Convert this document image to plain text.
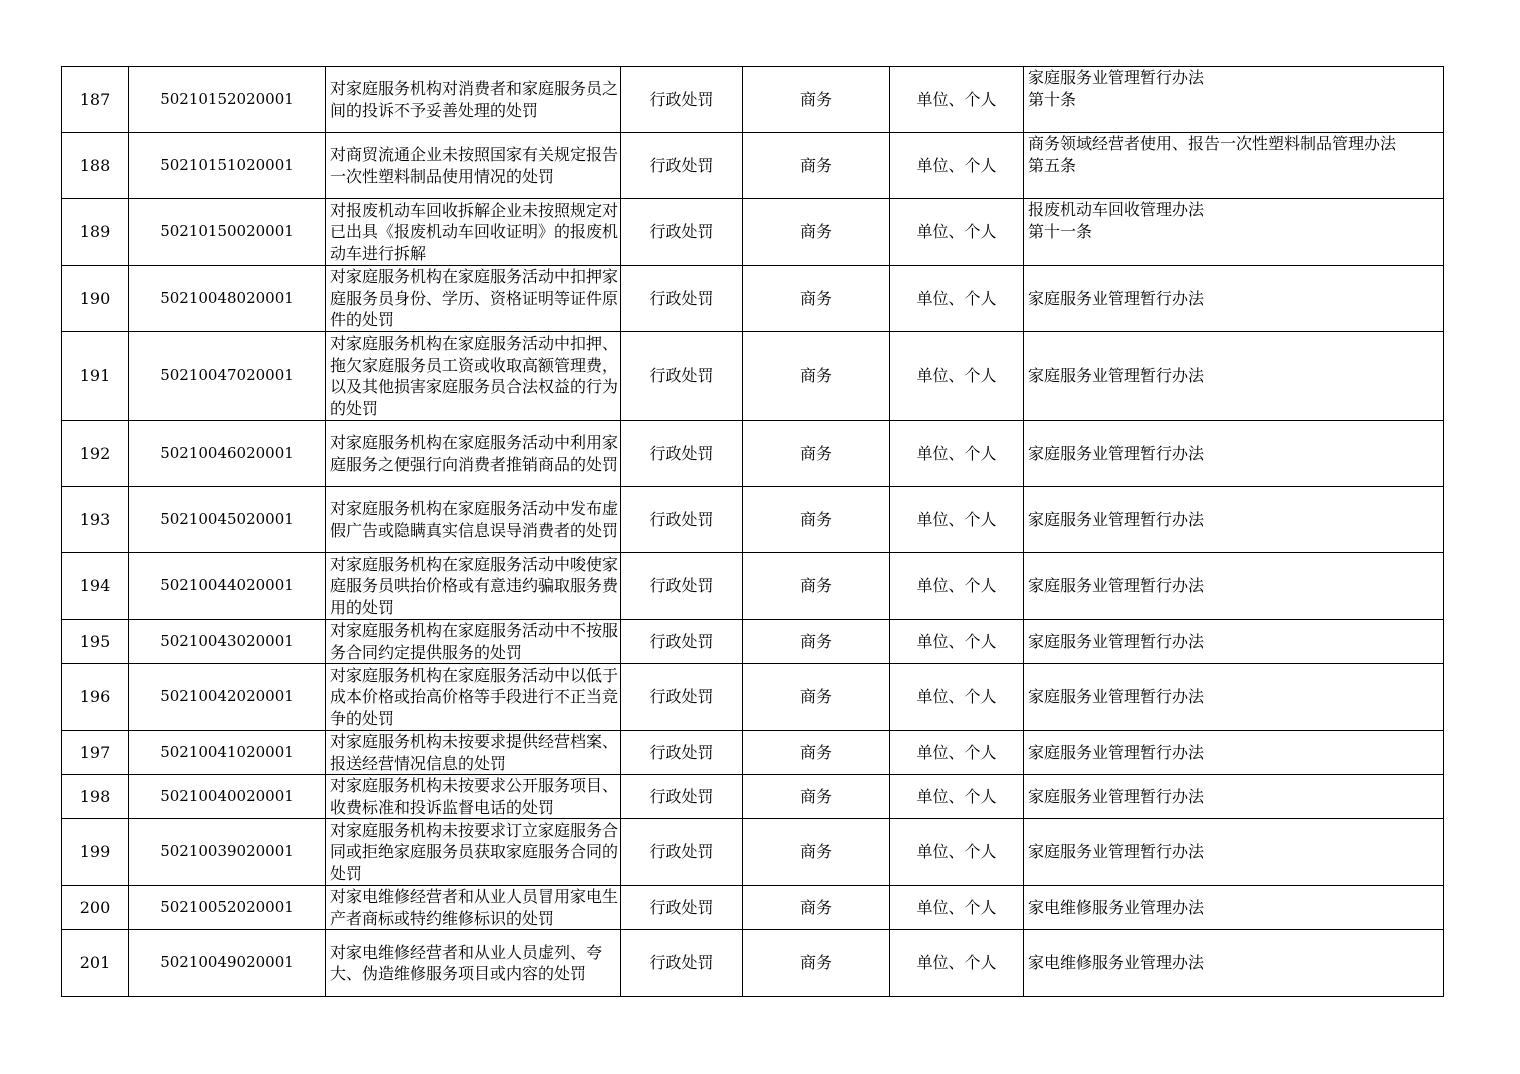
187	50210152020001	对家庭服务机构对消费者和家庭服务员之间的投诉不予妥善处理的处罚	行政处罚	商务	单位、个人	家庭服务业管理暂行办法
第十条

188	50210151020001	对商贸流通企业未按照国家有关规定报告一次性塑料制品使用情况的处罚	行政处罚	商务	单位、个人	商务领域经营者使用、报告一次性塑料制品管理办法
第五条

189	50210150020001	对报废机动车回收拆解企业未按照规定对已出具《报废机动车回收证明》的报废机动车进行拆解	行政处罚	商务	单位、个人	报废机动车回收管理办法
第十一条

190	50210048020001	对家庭服务机构在家庭服务活动中扣押家庭服务员身份、学历、资格证明等证件原件的处罚	行政处罚	商务	单位、个人	家庭服务业管理暂行办法

191	50210047020001	对家庭服务机构在家庭服务活动中扣押、拖欠家庭服务员工资或收取高额管理费，以及其他损害家庭服务员合法权益的行为的处罚	行政处罚	商务	单位、个人	家庭服务业管理暂行办法

192	50210046020001	对家庭服务机构在家庭服务活动中利用家庭服务之便强行向消费者推销商品的处罚	行政处罚	商务	单位、个人	家庭服务业管理暂行办法

193	50210045020001	对家庭服务机构在家庭服务活动中发布虚假广告或隐瞒真实信息误导消费者的处罚	行政处罚	商务	单位、个人	家庭服务业管理暂行办法

194	50210044020001	对家庭服务机构在家庭服务活动中唆使家庭服务员哄抬价格或有意违约骗取服务费用的处罚	行政处罚	商务	单位、个人	家庭服务业管理暂行办法

195	50210043020001	对家庭服务机构在家庭服务活动中不按服务合同约定提供服务的处罚	行政处罚	商务	单位、个人	家庭服务业管理暂行办法

196	50210042020001	对家庭服务机构在家庭服务活动中以低于成本价格或抬高价格等手段进行不正当竞争的处罚	行政处罚	商务	单位、个人	家庭服务业管理暂行办法

197	50210041020001	对家庭服务机构未按要求提供经营档案、报送经营情况信息的处罚	行政处罚	商务	单位、个人	家庭服务业管理暂行办法

198	50210040020001	对家庭服务机构未按要求公开服务项目、收费标准和投诉监督电话的处罚	行政处罚	商务	单位、个人	家庭服务业管理暂行办法

199	50210039020001	对家庭服务机构未按要求订立家庭服务合同或拒绝家庭服务员获取家庭服务合同的处罚	行政处罚	商务	单位、个人	家庭服务业管理暂行办法

200	50210052020001	对家电维修经营者和从业人员冒用家电生产者商标或特约维修标识的处罚	行政处罚	商务	单位、个人	家电维修服务业管理办法

201	50210049020001	对家电维修经营者和从业人员虚列、夸大、伪造维修服务项目或内容的处罚	行政处罚	商务	单位、个人	家电维修服务业管理办法
